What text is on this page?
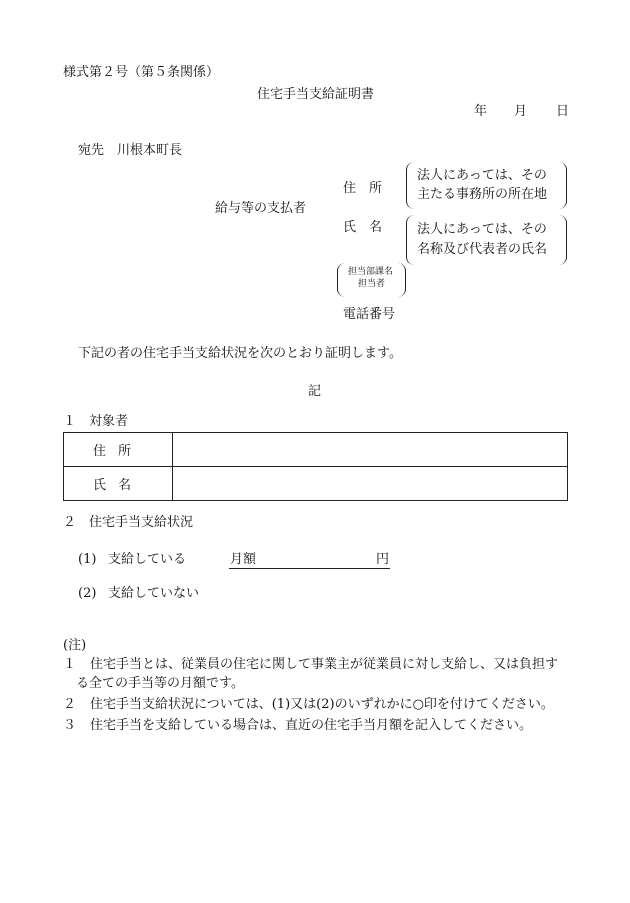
様式第２号（第５条関係）
住宅手当支給証明書
年 月 日
宛先　川根本町長
給与等の支払者
住　所
法人にあっては、その
主たる事務所の所在地
氏　名	法人にあっては、その
名称及び代表者の氏名
担当部課名
担当者
電話番号
下記の者の住宅手当支給状況を次のとおり証明します。
記
１　対象者
住所	
氏名	
２　住宅手当支給状況
(1) 支給している	月額	円
(2) 支給していない
(注)
１ 住宅手当とは、従業員の住宅に関して事業主が従業員に対し支給し、又は負担す
る全ての手当等の月額です。
２ 住宅手当支給状況については、(1)又は(2)のいずれかに○印を付けてください。
３ 住宅手当を支給している場合は、直近の住宅手当月額を記入してください。
